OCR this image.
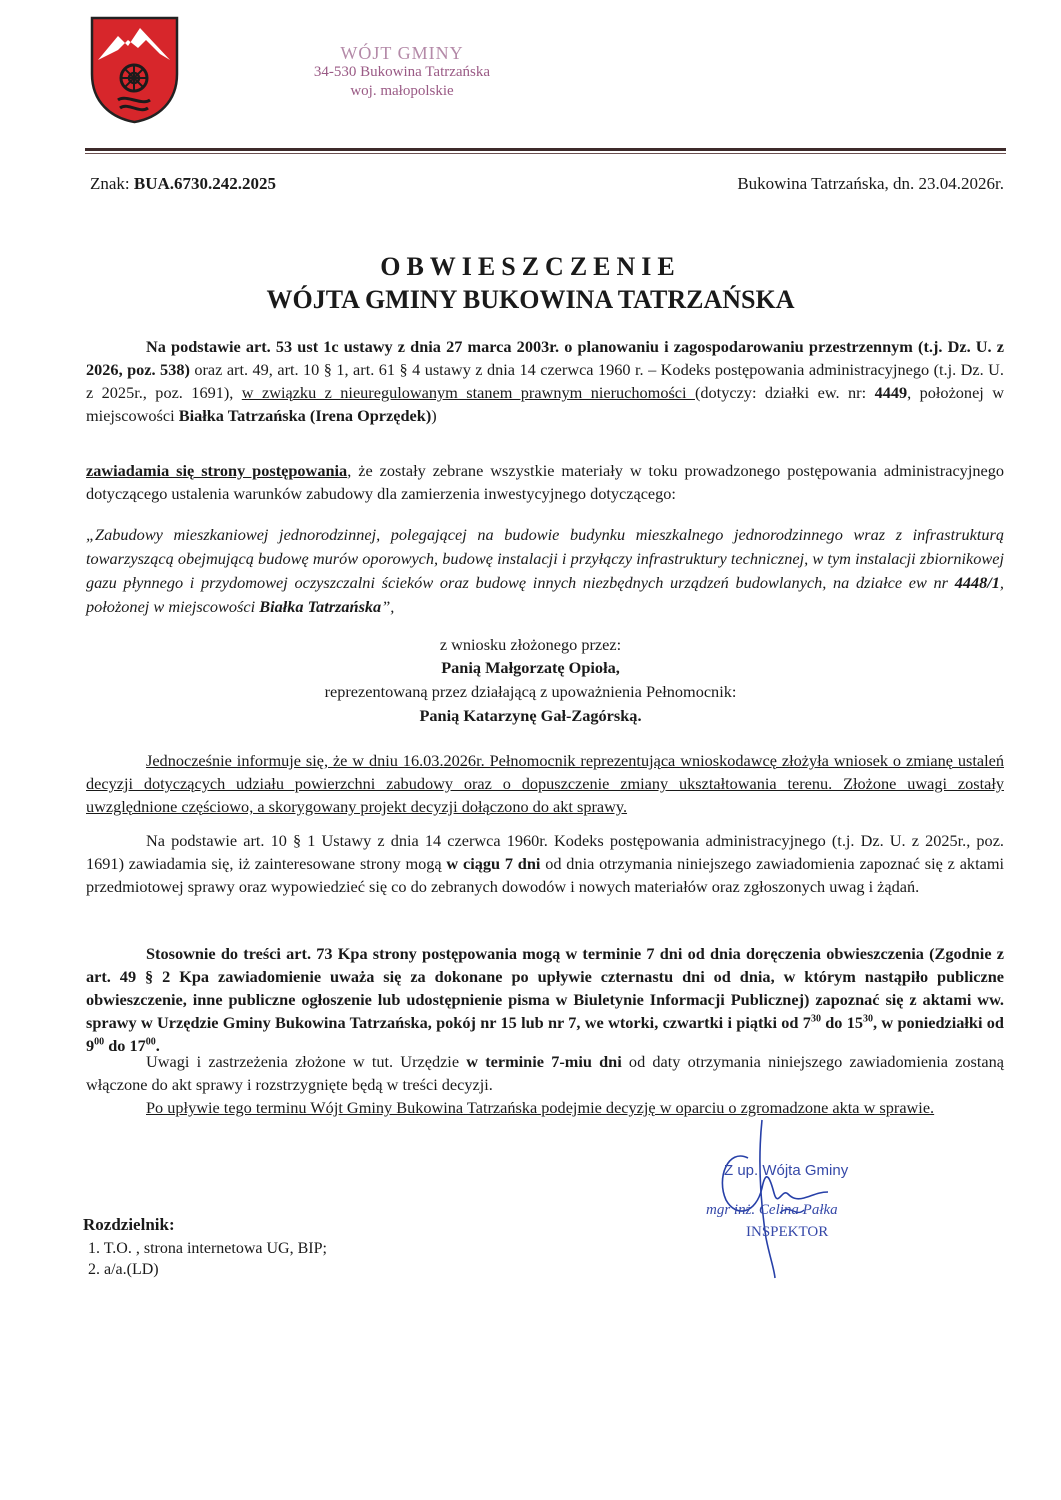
WÓJT GMINY
34-530 Bukowina Tatrzańska
woj. małopolskie
Znak: BUA.6730.242.2025	Bukowina Tatrzańska, dn. 23.04.2026r.
OBWIESZCZENIE
WÓJTA GMINY BUKOWINA TATRZAŃSKA
Na podstawie art. 53 ust 1c ustawy z dnia 27 marca 2003r. o planowaniu i zagospodarowaniu przestrzennym (t.j. Dz. U. z 2026, poz. 538) oraz art. 49, art. 10 § 1, art. 61 § 4 ustawy z dnia 14 czerwca 1960 r. – Kodeks postępowania administracyjnego (t.j. Dz. U. z 2025r., poz. 1691), w związku z nieuregulowanym stanem prawnym nieruchomości (dotyczy: działki ew. nr: 4449, położonej w miejscowości Białka Tatrzańska (Irena Oprzędek))
zawiadamia się strony postępowania, że zostały zebrane wszystkie materiały w toku prowadzonego postępowania administracyjnego dotyczącego ustalenia warunków zabudowy dla zamierzenia inwestycyjnego dotyczącego:
„Zabudowy mieszkaniowej jednorodzinnej, polegającej na budowie budynku mieszkalnego jednorodzinnego wraz z infrastrukturą towarzyszącą obejmującą budowę murów oporowych, budowę instalacji i przyłączy infrastruktury technicznej, w tym instalacji zbiornikowej gazu płynnego i przydomowej oczyszczalni ścieków oraz budowę innych niezbędnych urządzeń budowlanych, na działce ew nr 4448/1, położonej w miejscowości Białka Tatrzańska”,
z wniosku złożonego przez:
Panią Małgorzatę Opioła,
reprezentowaną przez działającą z upoważnienia Pełnomocnik:
Panią Katarzynę Gał-Zagórską.
Jednocześnie informuje się, że w dniu 16.03.2026r. Pełnomocnik reprezentująca wnioskodawcę złożyła wniosek o zmianę ustaleń decyzji dotyczących udziału powierzchni zabudowy oraz o dopuszczenie zmiany ukształtowania terenu. Złożone uwagi zostały uwzględnione częściowo, a skorygowany projekt decyzji dołączono do akt sprawy.
Na podstawie art. 10 § 1 Ustawy z dnia 14 czerwca 1960r. Kodeks postępowania administracyjnego (t.j. Dz. U. z 2025r., poz. 1691) zawiadamia się, iż zainteresowane strony mogą w ciągu 7 dni od dnia otrzymania niniejszego zawiadomienia zapoznać się z aktami przedmiotowej sprawy oraz wypowiedzieć się co do zebranych dowodów i nowych materiałów oraz zgłoszonych uwag i żądań.
Stosownie do treści art. 73 Kpa strony postępowania mogą w terminie 7 dni od dnia doręczenia obwieszczenia (Zgodnie z art. 49 § 2 Kpa zawiadomienie uważa się za dokonane po upływie czternastu dni od dnia, w którym nastąpiło publiczne obwieszczenie, inne publiczne ogłoszenie lub udostępnienie pisma w Biuletynie Informacji Publicznej) zapoznać się z aktami ww. sprawy w Urzędzie Gminy Bukowina Tatrzańska, pokój nr 15 lub nr 7, we wtorki, czwartki i piątki od $7^{30}$ do $15^{30}$, w poniedziałki od $9^{00}$ do $17^{00}$.
Uwagi i zastrzeżenia złożone w tut. Urzędzie w terminie 7-miu dni od daty otrzymania niniejszego zawiadomienia zostaną włączone do akt sprawy i rozstrzygnięte będą w treści decyzji.
Po upływie tego terminu Wójt Gminy Bukowina Tatrzańska podejmie decyzję w oparciu o zgromadzone akta w sprawie.
Z up. Wójta Gminy
mgr inż. Celina Pałka
INSPEKTOR
Rozdzielnik:
1. T.O. , strona internetowa UG, BIP;
2. a/a.(LD)
